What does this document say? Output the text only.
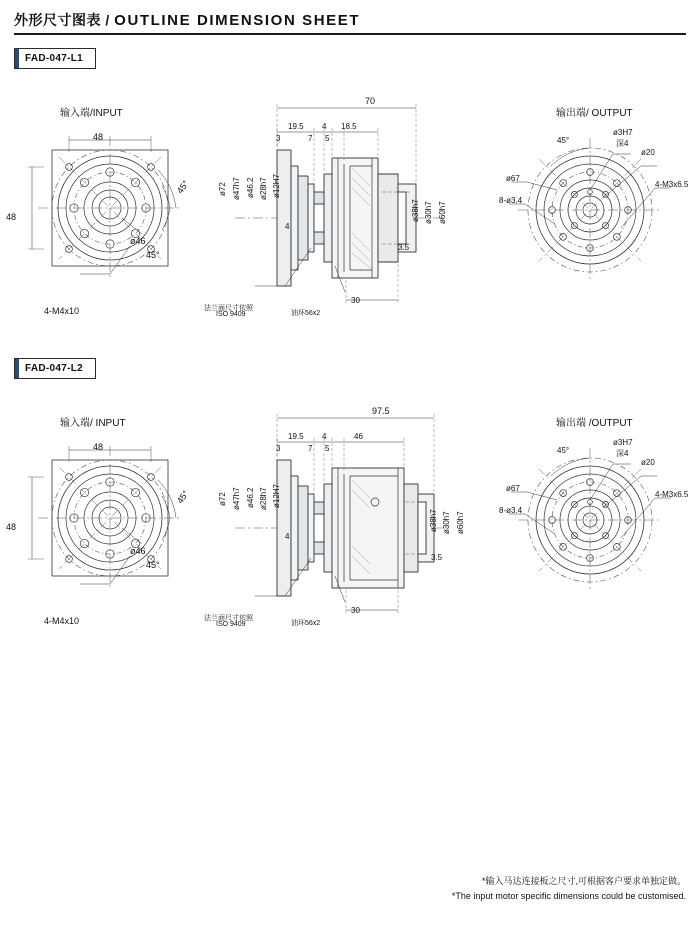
外形尺寸图表 / OUTLINE DIMENSION SHEET
FAD-047-L1
输入端/INPUT
48
48
ø46
45°
45°
4-M4x10
70
19.5
3	7
4
5
18.5
30
ø72 ø47h7 ø46.2 ø28h7 ø12H7
4
ø38h7 ø30h7 ø60h7
3.5
法兰面尺寸依照
ISO 9409	油环56x2
输出端/ OUTPUT
45°
ø3H7
深4
ø20
4-M3x6.5
ø67
8-ø3.4
FAD-047-L2
输入端/ INPUT
48
48
ø46
45°
45°
4-M4x10
97.5
19.5
3	7
4
5
46
30
ø72 ø47h7 ø46.2 ø28h7 ø12H7
4
ø38h7 ø30h7 ø60h7
3.5
法兰面尺寸依照
ISO 9409	油环56x2
输出端 /OUTPUT
45°
ø3H7
深4
ø20
4-M3x6.5
ø67
8-ø3.4
*输入马达连接板之尺寸,可根据客户要求单独定做。
*The input motor specific dimensions could be customised.
